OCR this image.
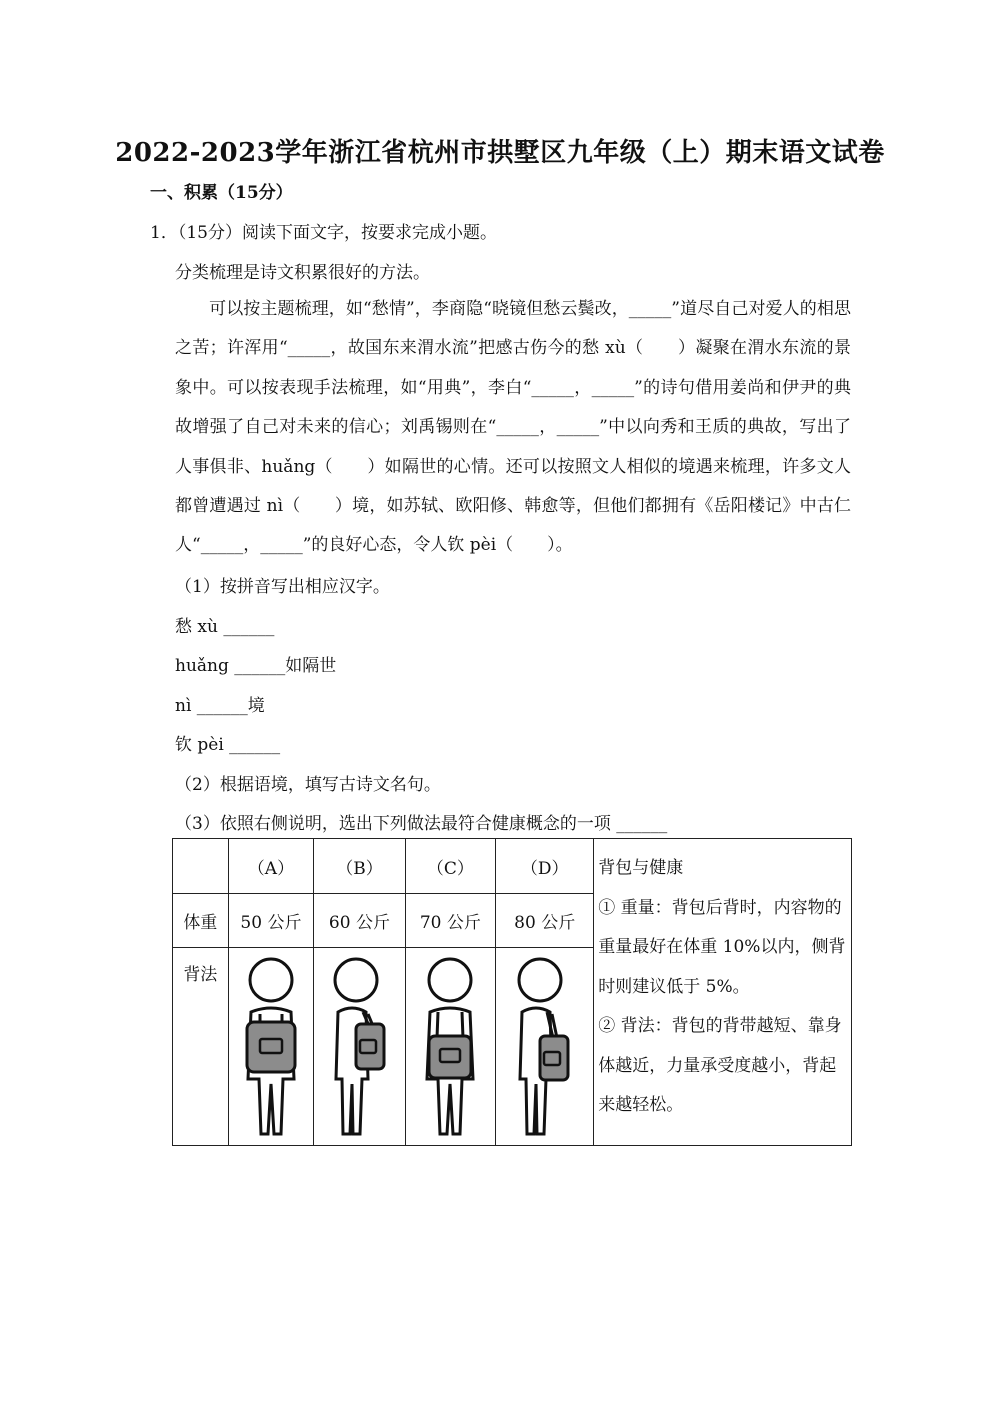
2022-2023学年浙江省杭州市拱墅区九年级（上）期末语文试卷
一、积累（15分）
1．（15分）阅读下面文字，按要求完成小题。
分类梳理是诗文积累很好的方法。
可以按主题梳理，如“愁情”，李商隐“晓镜但愁云鬓改，_____”道尽自己对爱人的相思之苦；许浑用“_____，故国东来渭水流”把感古伤今的愁 xù（　　）凝聚在渭水东流的景象中。可以按表现手法梳理，如“用典”，李白“_____，_____”的诗句借用姜尚和伊尹的典故增强了自己对未来的信心；刘禹锡则在“_____，_____”中以向秀和王质的典故，写出了人事俱非、huǎng（　　）如隔世的心情。还可以按照文人相似的境遇来梳理，许多文人都曾遭遇过 nì（　　）境，如苏轼、欧阳修、韩愈等，但他们都拥有《岳阳楼记》中古仁人“_____，_____”的良好心态，令人钦 pèi（　　）。
（1）按拼音写出相应汉字。
愁 xù ______
huǎng ______如隔世
nì ______境
钦 pèi ______
（2）根据语境，填写古诗文名句。
（3）依照右侧说明，选出下列做法最符合健康概念的一项 ______
	（A）	（B）	（C）	（D）	背包与健康
① 重量：背包后背时，内容物的重量最好在体重 10%以内，侧背时则建议低于 5%。
② 背法：背包的背带越短、靠身体越近，力量承受度越小，背起来越轻松。

体重	50 公斤	60 公斤	70 公斤	80 公斤	
背法	
